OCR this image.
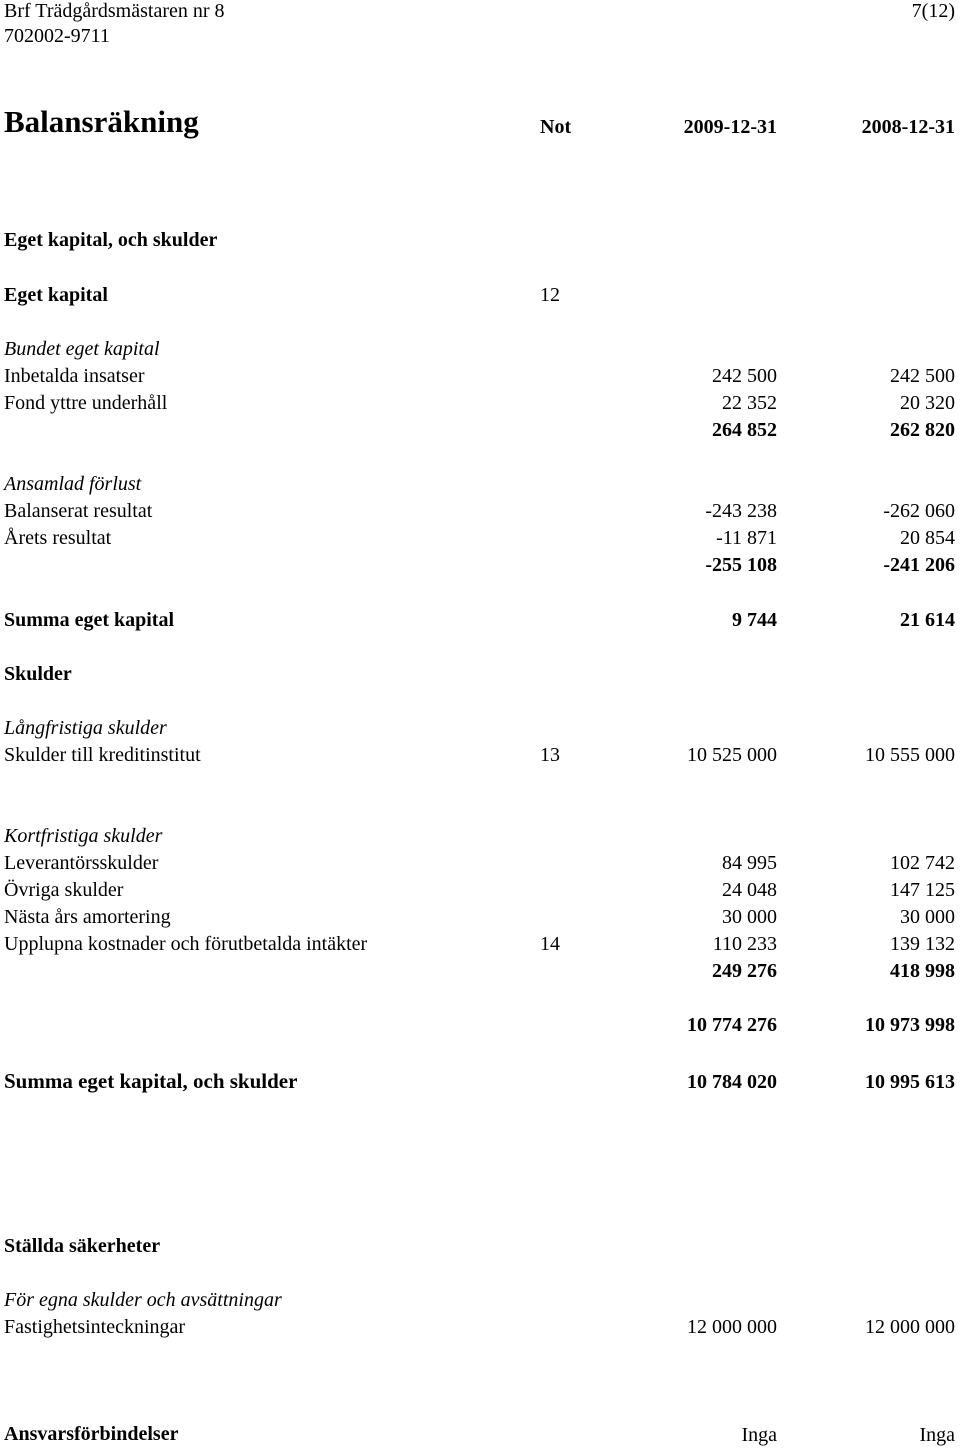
Brf Trädgårdsmästaren nr 8
702002-9711
7(12)
Balansräkning	Not	2009-12-31	2008-12-31
Eget kapital, och skulder
Eget kapital	12
Bundet eget kapital
Inbetalda insatser	242 500	242 500
Fond yttre underhåll	22 352	20 320
264 852	262 820
Ansamlad förlust
Balanserat resultat	-243 238	-262 060
Årets resultat	-11 871	20 854
-255 108	-241 206
Summa eget kapital	9 744	21 614
Skulder
Långfristiga skulder
Skulder till kreditinstitut	13	10 525 000	10 555 000
Kortfristiga skulder
Leverantörsskulder	84 995	102 742
Övriga skulder	24 048	147 125
Nästa års amortering	30 000	30 000
Upplupna kostnader och förutbetalda intäkter	14	110 233	139 132
249 276	418 998
10 774 276	10 973 998
Summa eget kapital, och skulder	10 784 020	10 995 613
Ställda säkerheter
För egna skulder och avsättningar
Fastighetsinteckningar	12 000 000	12 000 000
Ansvarsförbindelser	Inga	Inga
